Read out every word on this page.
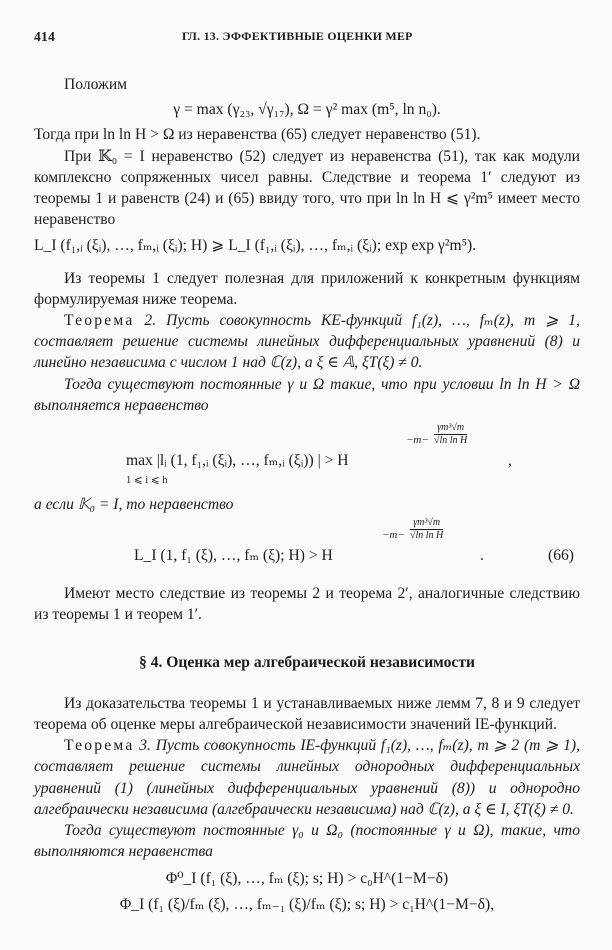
414	ГЛ. 13. ЭФФЕКТИВНЫЕ ОЦЕНКИ МЕР

Положим

γ = max (γ₂₃, √γ₁₇), Ω = γ² max (m⁵, ln n₀).

Тогда при ln ln H > Ω из неравенства (65) следует неравенство (51).

При 𝕂₀ = I неравенство (52) следует из неравенства (51), так как модули комплексно сопряженных чисел равны. Следствие и теорема 1′ следуют из теоремы 1 и равенств (24) и (65) ввиду того, что при ln ln H ⩽ γ²m⁵ имеет место неравенство

L_I (f₁,ᵢ (ξᵢ), …, fₘ,ᵢ (ξᵢ); H) ⩾ L_I (f₁,ᵢ (ξᵢ), …, fₘ,ᵢ (ξᵢ); exp exp γ²m⁵).

Из теоремы 1 следует полезная для приложений к конкретным функциям формулируемая ниже теорема.

Теорема 2. Пусть совокупность КЕ-функций f₁(z), …, fₘ(z), m ⩾ 1, составляет решение системы линейных дифференциальных уравнений (8) и линейно независима с числом 1 над ℂ(z), а ξ ∈ 𝔸, ξT(ξ) ≠ 0.

Тогда существуют постоянные γ и Ω такие, что при условии ln ln H > Ω выполняется неравенство

max |lᵢ (1, f₁,ᵢ (ξᵢ), …, fₘ,ᵢ (ξᵢ)) | > H
1 ⩽ i ⩽ h
$-m- \frac{\text{γm³√m}}{\text{√ln ln H}}$
,

а если 𝕂₀ = I, то неравенство

L_I (1, f₁ (ξ), …, fₘ (ξ); H) > H
$-m- \frac{\text{γm³√m}}{\text{√ln ln H}}$
.	(66)

Имеют место следствие из теоремы 2 и теорема 2′, аналогичные следствию из теоремы 1 и теорем 1′.

§ 4. Оценка мер алгебраической независимости

Из доказательства теоремы 1 и устанавливаемых ниже лемм 7, 8 и 9 следует теорема об оценке меры алгебраической независимости значений IE-функций.

Теорема 3. Пусть совокупность IE-функций f₁(z), …, fₘ(z), m ⩾ 2 (m ⩾ 1), составляет решение системы линейных однородных дифференциальных уравнений (1) (линейных дифференциальных уравнений (8)) и однородно алгебраически независима (алгебраически независима) над ℂ(z), а ξ ∈ I, ξT(ξ) ≠ 0.

Тогда существуют постоянные γ₀ и Ω₀ (постоянные γ и Ω), такие, что выполняются неравенства

Φ⁰_I (f₁ (ξ), …, fₘ (ξ); s; H) > c₀H^(1−M−δ)
Φ_I (f₁ (ξ)/fₘ (ξ), …, fₘ₋₁ (ξ)/fₘ (ξ); s; H) > c₁H^(1−M−δ),
